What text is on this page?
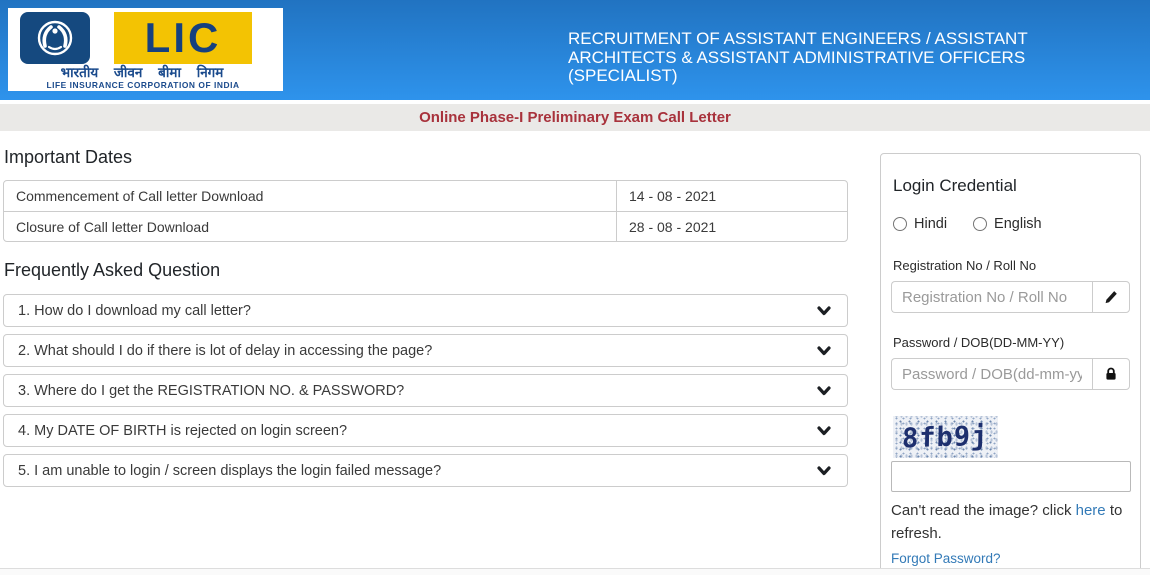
LIC
भारतीय जीवन बीमा निगम
LIFE INSURANCE CORPORATION OF INDIA
RECRUITMENT OF ASSISTANT ENGINEERS / ASSISTANT ARCHITECTS & ASSISTANT ADMINISTRATIVE OFFICERS (SPECIALIST)
Online Phase-I Preliminary Exam Call Letter
Important Dates
Commencement of Call letter Download	14 - 08 - 2021
Closure of Call letter Download	28 - 08 - 2021
Frequently Asked Question
1. How do I download my call letter?
2. What should I do if there is lot of delay in accessing the page?
3. Where do I get the REGISTRATION NO. & PASSWORD?
4. My DATE OF BIRTH is rejected on login screen?
5. I am unable to login / screen displays the login failed message?
Login Credential
Hindi	English
Registration No / Roll No
Registration No / Roll No
Password / DOB(DD-MM-YY)
Password / DOB(dd-mm-yy)
8fb9j
Can't read the image? click here to refresh.
Forgot Password?
